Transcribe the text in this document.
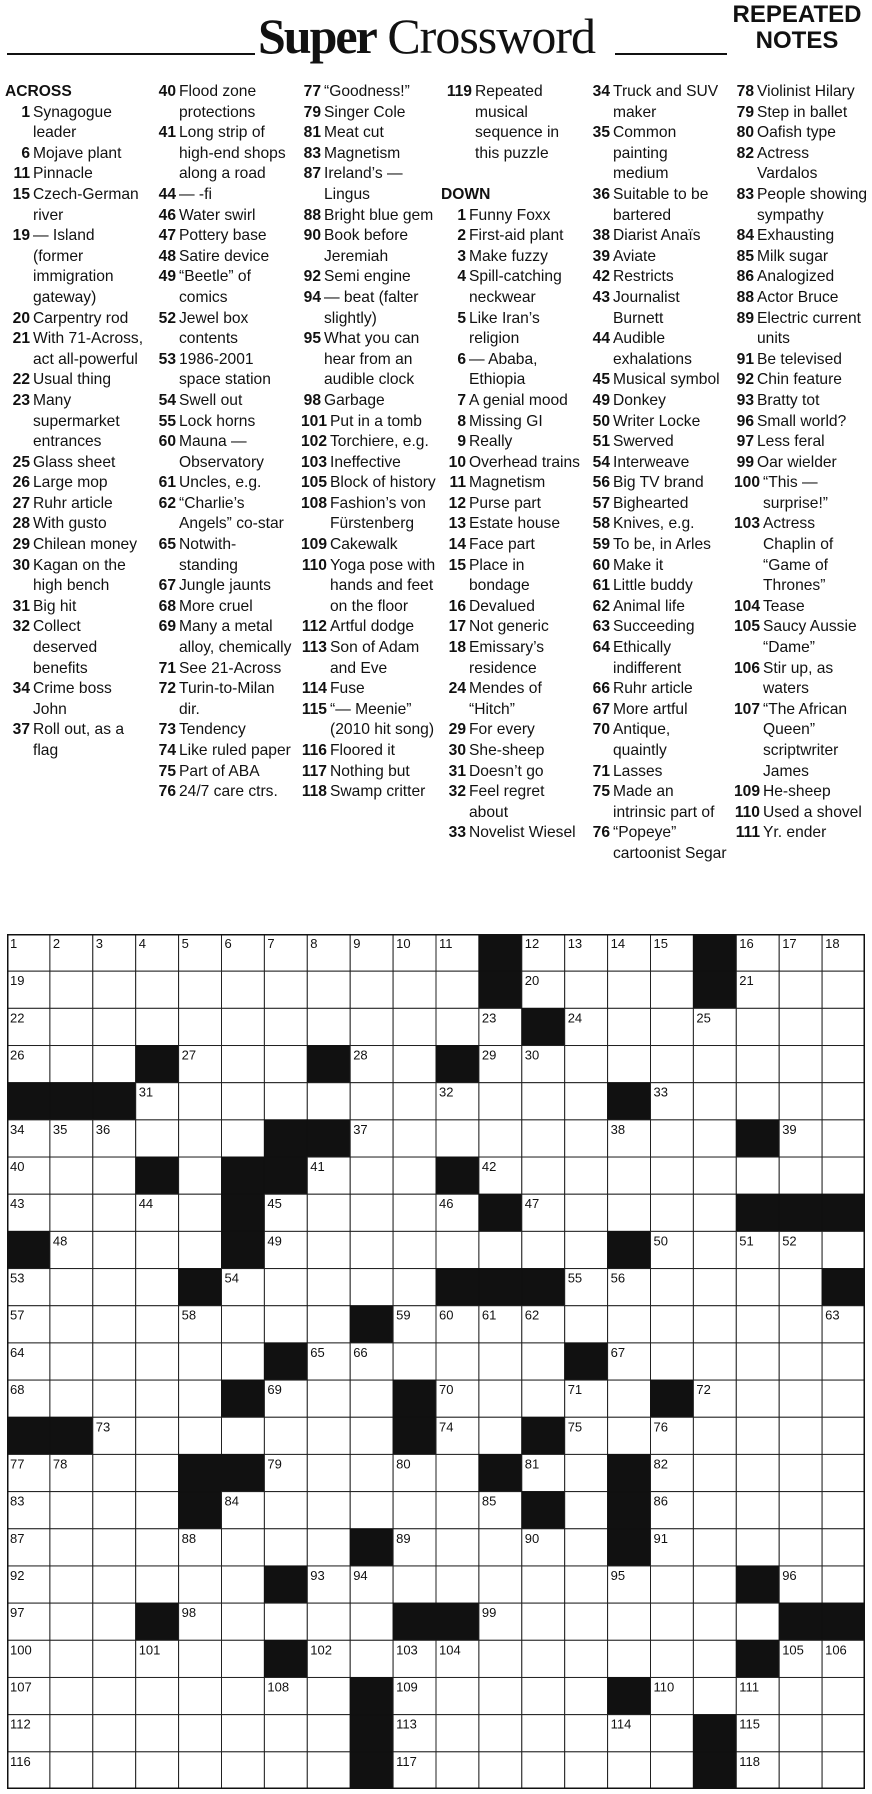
Super Crossword	REPEATED
NOTES
ACROSS
1 Synagogue leader
6 Mojave plant
11 Pinnacle
15 Czech-German river
19 — Island (former immigration gateway)
20 Carpentry rod
21 With 71-Across, act all-powerful
22 Usual thing
23 Many supermarket entrances
25 Glass sheet
26 Large mop
27 Ruhr article
28 With gusto
29 Chilean money
30 Kagan on the high bench
31 Big hit
32 Collect deserved benefits
34 Crime boss John
37 Roll out, as a flag
40 Flood zone protections
41 Long strip of high-end shops along a road
44 — -fi
46 Water swirl
47 Pottery base
48 Satire device
49 “Beetle” of comics
52 Jewel box contents
53 1986-2001 space station
54 Swell out
55 Lock horns
60 Mauna — Observatory
61 Uncles, e.g.
62 “Charlie’s Angels” co-star
65 Notwith-standing
67 Jungle jaunts
68 More cruel
69 Many a metal alloy, chemically
71 See 21-Across
72 Turin-to-Milan dir.
73 Tendency
74 Like ruled paper
75 Part of ABA
76 24/7 care ctrs.
77 “Goodness!”
79 Singer Cole
81 Meat cut
83 Magnetism
87 Ireland’s — Lingus
88 Bright blue gem
90 Book before Jeremiah
92 Semi engine
94 — beat (falter slightly)
95 What you can hear from an audible clock
98 Garbage
101 Put in a tomb
102 Torchiere, e.g.
103 Ineffective
105 Block of history
108 Fashion’s von Fürstenberg
109 Cakewalk
110 Yoga pose with hands and feet on the floor
112 Artful dodge
113 Son of Adam and Eve
114 Fuse
115 “— Meenie” (2010 hit song)
116 Floored it
117 Nothing but
118 Swamp critter
119 Repeated musical sequence in this puzzle
DOWN
1 Funny Foxx
2 First-aid plant
3 Make fuzzy
4 Spill-catching neckwear
5 Like Iran’s religion
6 — Ababa, Ethiopia
7 A genial mood
8 Missing GI
9 Really
10 Overhead trains
11 Magnetism
12 Purse part
13 Estate house
14 Face part
15 Place in bondage
16 Devalued
17 Not generic
18 Emissary’s residence
24 Mendes of “Hitch”
29 For every
30 She-sheep
31 Doesn’t go
32 Feel regret about
33 Novelist Wiesel
34 Truck and SUV maker
35 Common painting medium
36 Suitable to be bartered
38 Diarist Anaïs
39 Aviate
42 Restricts
43 Journalist Burnett
44 Audible exhalations
45 Musical symbol
49 Donkey
50 Writer Locke
51 Swerved
54 Interweave
56 Big TV brand
57 Bighearted
58 Knives, e.g.
59 To be, in Arles
60 Make it
61 Little buddy
62 Animal life
63 Succeeding
64 Ethically indifferent
66 Ruhr article
67 More artful
70 Antique, quaintly
71 Lasses
75 Made an intrinsic part of
76 “Popeye” cartoonist Segar
78 Violinist Hilary
79 Step in ballet
80 Oafish type
82 Actress Vardalos
83 People showing sympathy
84 Exhausting
85 Milk sugar
86 Analogized
88 Actor Bruce
89 Electric current units
91 Be televised
92 Chin feature
93 Bratty tot
96 Small world?
97 Less feral
99 Oar wielder
100 “This — surprise!”
103 Actress Chaplin of “Game of Thrones”
104 Tease
105 Saucy Aussie “Dame”
106 Stir up, as waters
107 “The African Queen” scriptwriter James
109 He-sheep
110 Used a shovel
111 Yr. ender
1	2	3	4	5	6	7	8	9	10 11	12 13 14 15	16 17 18
19	20	21
22	23	24	25
26	27	28	29 30
31	32	33
34 35 36	37	38	39
40	41	42
43	44	45	46	47
48	49	50	51 52
53	54	55 56
57	58	59 60 61 62	63
64	65 66	67
68	69	70	71	72
73	74	75	76
77 78	79	80	81	82
83	84	85	86
87	88	89	90	91
92	93 94	95	96
97	98	99
100	101	102	103 104	105 106
107	108	109	110	111
112	113	114	115
116	117	118
